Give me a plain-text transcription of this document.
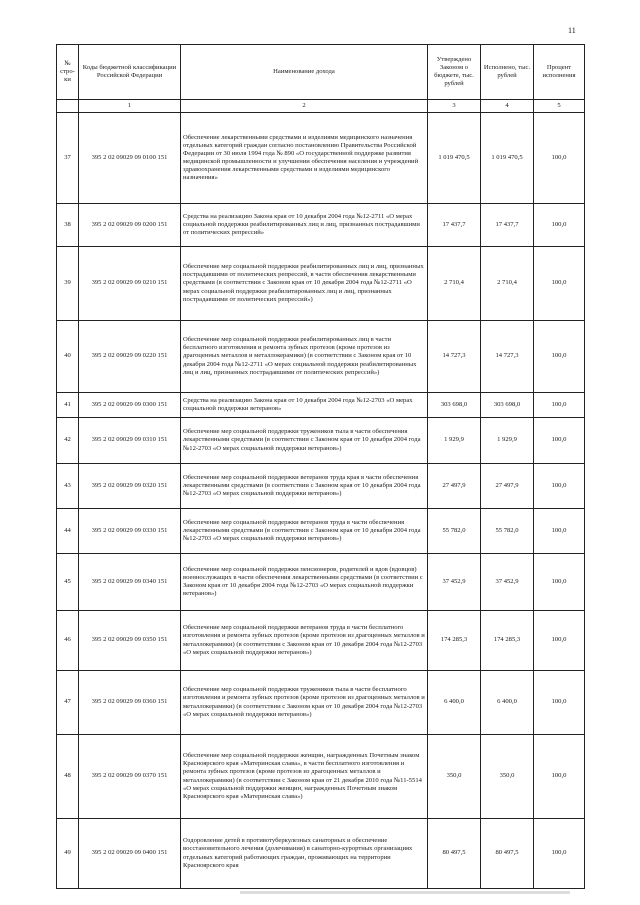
11
№ стро- ки	Коды бюджетной классификации Российской Федерации	Наименование дохода	Утверждено Законом о бюджете, тыс. рублей	Исполнено, тыс. рублей	Процент исполнения
	1	2	3	4	5
37	395 2 02 09029 09 0100 151	Обеспечение лекарственными средствами и изделиями медицинского назначения отдельных категорий граждан согласно постановлению Правительства Российской Федерации от 30 июля 1994 года № 890 «О государственной поддержке развития медицинской промышленности и улучшении обеспечения населения и учреждений здравоохранения лекарственными средствами и изделиями медицинского назначения»	1 019 470,5	1 019 470,5	100,0
38	395 2 02 09029 09 0200 151	Средства на реализацию Закона края от 10 декабря 2004 года №12-2711 «О мерах социальной поддержки реабилитированных лиц и лиц, признанных пострадавшими от политических репрессий»	17 437,7	17 437,7	100,0
39	395 2 02 09029 09 0210 151	Обеспечение мер социальной поддержки реабилитированных лиц и лиц, признанных пострадавшими от политических репрессий, в части обеспечения лекарственными средствами (в соответствии с Законом края от 10 декабря 2004 года №12-2711 «О мерах социальной поддержки реабилитированных лиц и лиц, признанных пострадавшими от политических репрессий»)	2 710,4	2 710,4	100,0
40	395 2 02 09029 09 0220 151	Обеспечение мер социальной поддержки реабилитированных лиц в части бесплатного изготовления и ремонта зубных протезов (кроме протезов из драгоценных металлов и металлокерамики) (в соответствии с Законом края от 10 декабря 2004 года №12-2711 «О мерах социальной поддержки реабилитированных лиц и лиц, признанных пострадавшими от политических репрессий»)	14 727,3	14 727,3	100,0
41	395 2 02 09029 09 0300 151	Средства на реализацию Закона края от 10 декабря 2004 года №12-2703 «О мерах социальной поддержки ветеранов»	303 698,0	303 698,0	100,0
42	395 2 02 09029 09 0310 151	Обеспечение мер социальной поддержки тружеников тыла в части обеспечения лекарственными средствами (в соответствии с Законом края от 10 декабря 2004 года №12-2703 «О мерах социальной поддержки ветеранов»)	1 929,9	1 929,9	100,0
43	395 2 02 09029 09 0320 151	Обеспечение мер социальной поддержки ветеранов труда края в части обеспечения лекарственными средствами (в соответствии с Законом края от 10 декабря 2004 года №12-2703 «О мерах социальной поддержки ветеранов»)	27 497,9	27 497,9	100,0
44	395 2 02 09029 09 0330 151	Обеспечение мер социальной поддержки ветеранов труда в части обеспечения лекарственными средствами (в соответствии с Законом края от 10 декабря 2004 года №12-2703 «О мерах социальной поддержки ветеранов»)	55 782,0	55 782,0	100,0
45	395 2 02 09029 09 0340 151	Обеспечение мер социальной поддержки пенсионеров, родителей и вдов (вдовцов) военнослужащих в части обеспечения лекарственными средствами (в соответствии с Законом края от 10 декабря 2004 года №12-2703 «О мерах социальной поддержки ветеранов»)	37 452,9	37 452,9	100,0
46	395 2 02 09029 09 0350 151	Обеспечение мер социальной поддержки ветеранов труда в части бесплатного изготовления и ремонта зубных протезов (кроме протезов из драгоценных металлов и металлокерамики) (в соответствии с Законом края от 10 декабря 2004 года №12-2703 «О мерах социальной поддержки ветеранов»)	174 285,3	174 285,3	100,0
47	395 2 02 09029 09 0360 151	Обеспечение мер социальной поддержки тружеников тыла в части бесплатного изготовления и ремонта зубных протезов (кроме протезов из драгоценных металлов и металлокерамики) (в соответствии с Законом края от 10 декабря 2004 года №12-2703 «О мерах социальной поддержки ветеранов»)	6 400,0	6 400,0	100,0
48	395 2 02 09029 09 0370 151	Обеспечение мер социальной поддержки женщин, награжденных Почетным знаком Красноярского края «Материнская слава», в части бесплатного изготовления и ремонта зубных протезов (кроме протезов из драгоценных металлов и металлокерамики) (в соответствии с Законом края от 21 декабря 2010 года №11-5514 «О мерах социальной поддержки женщин, награжденных Почетным знаком Красноярского края «Материнская слава»)	350,0	350,0	100,0
49	395 2 02 09029 09 0400 151	Оздоровление детей в противотуберкулезных санаторных и обеспечение восстановительного лечения (долечивания) в санаторно-курортных организациях отдельных категорий работающих граждан, проживающих на территории Красноярского края	80 497,5	80 497,5	100,0
